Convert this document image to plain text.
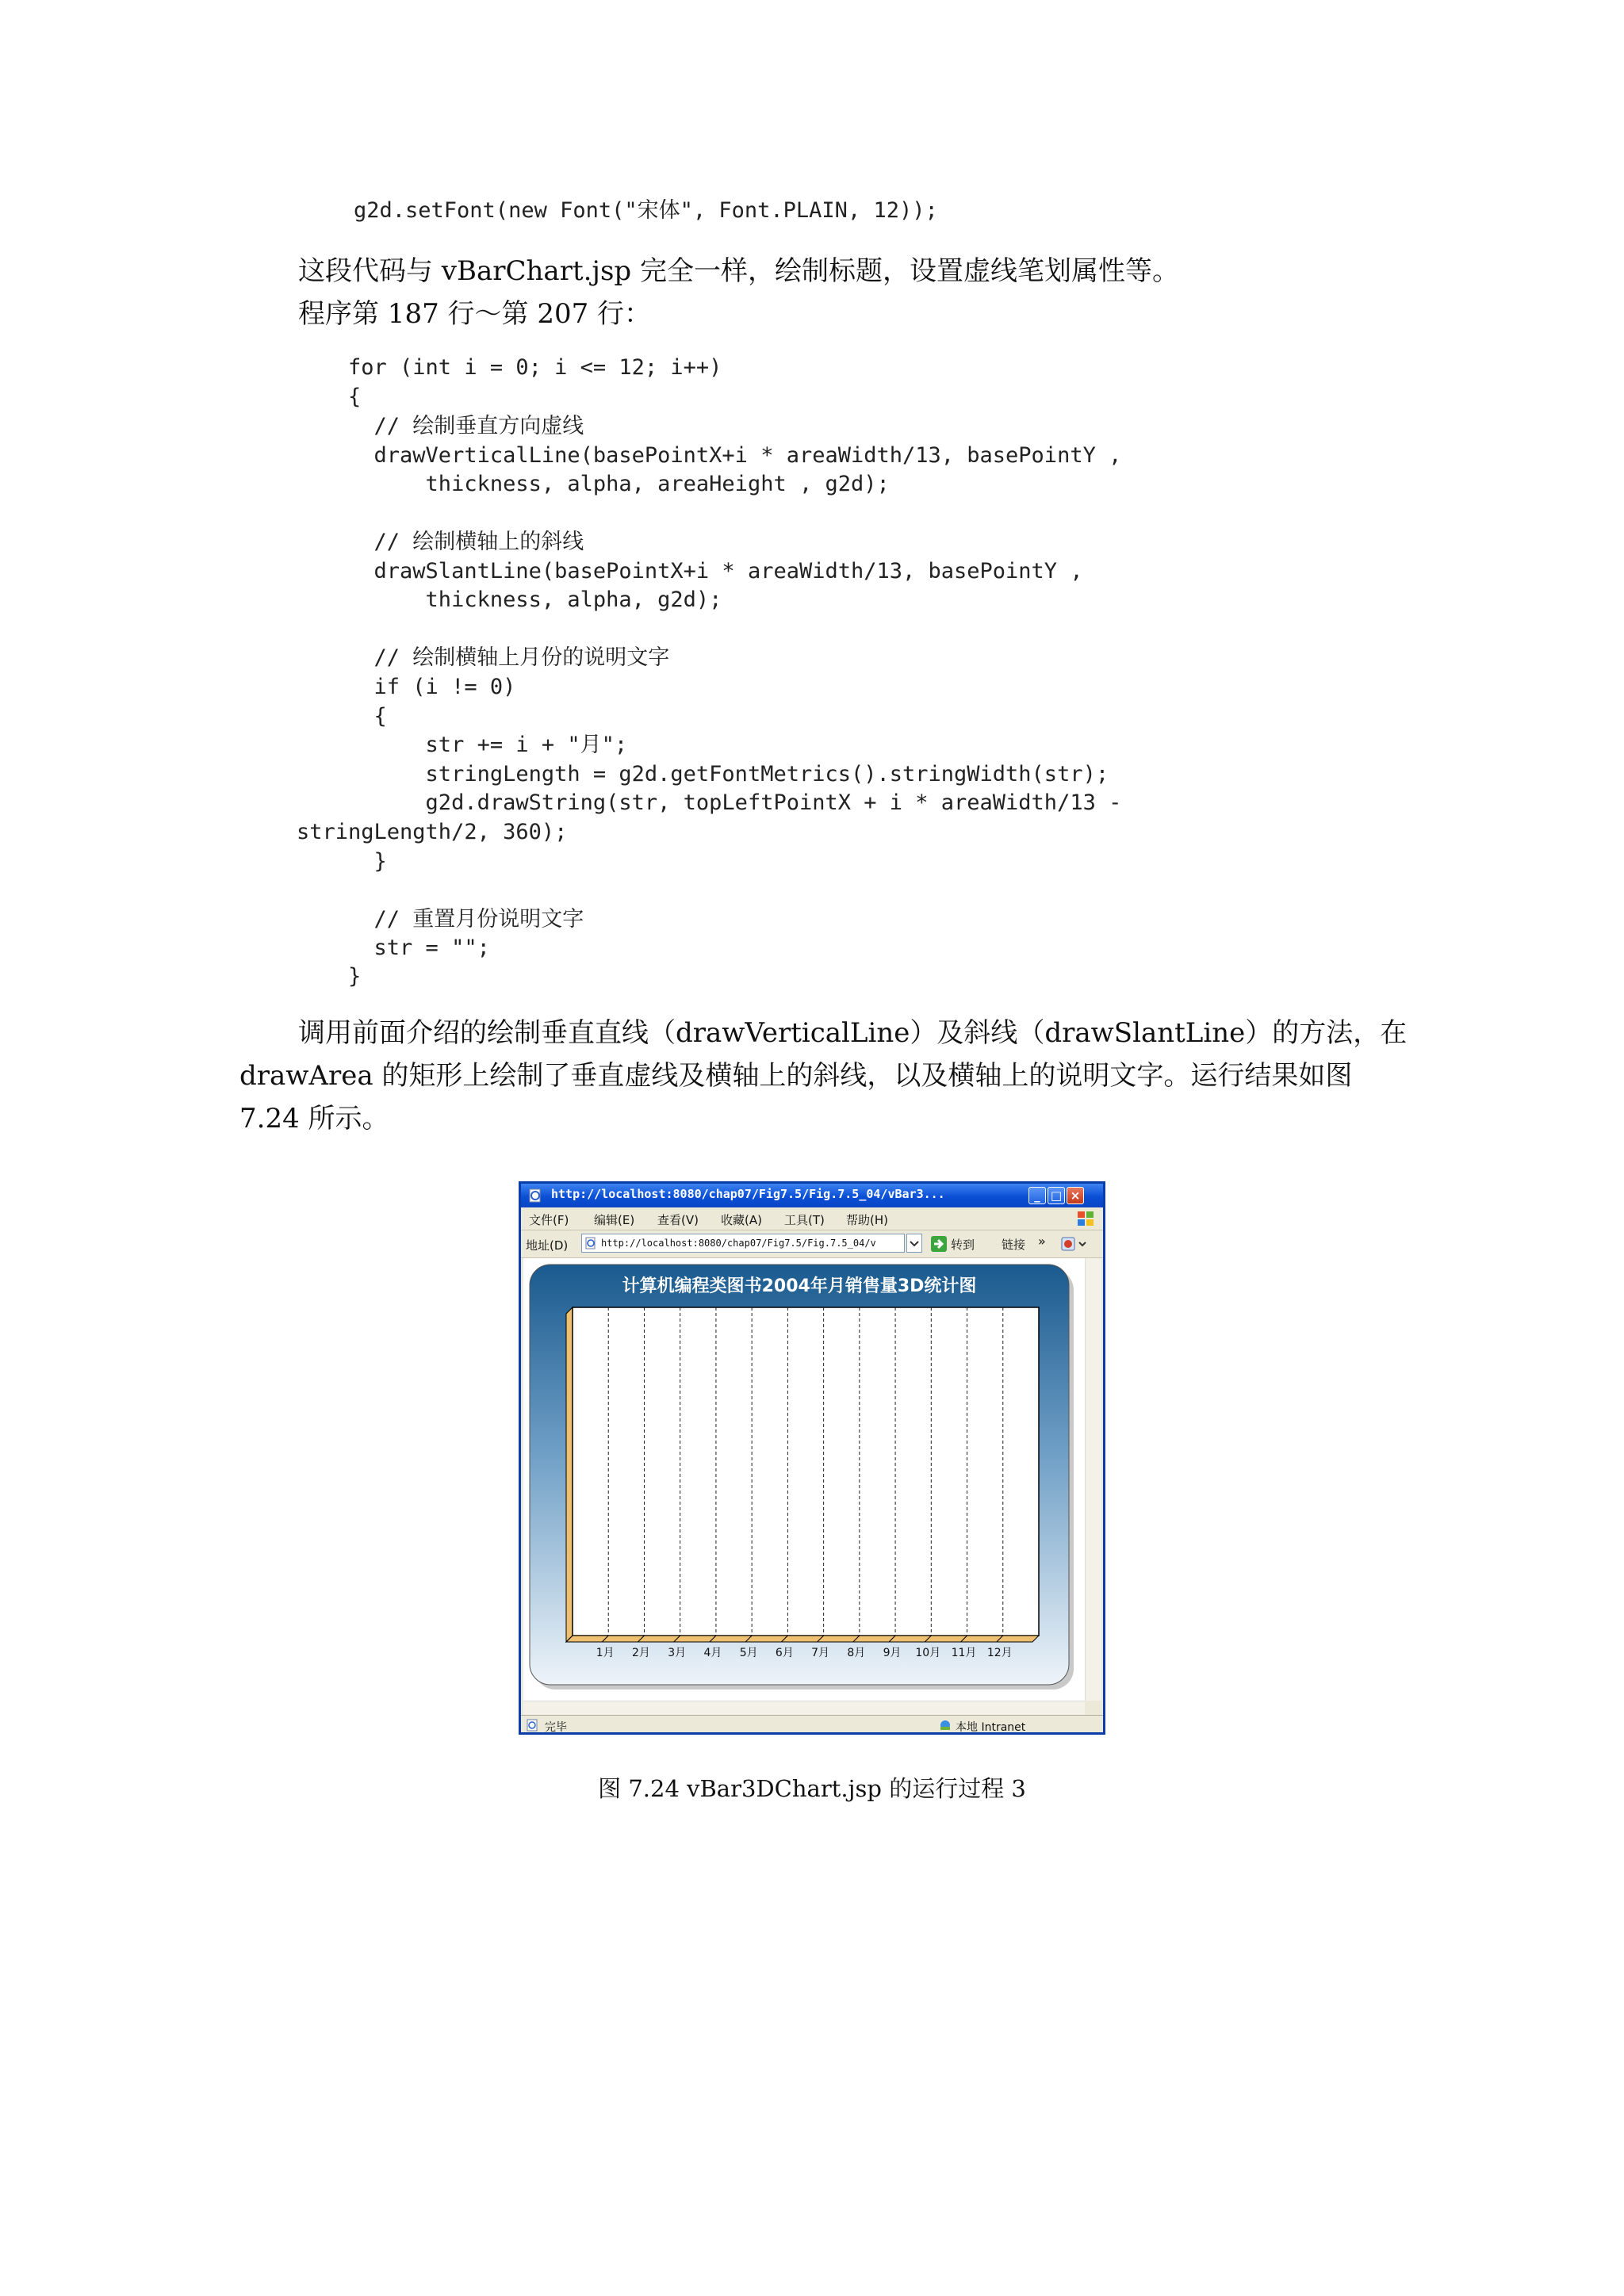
g2d.setFont(new Font("宋体", Font.PLAIN, 12));
这段代码与 vBarChart.jsp 完全一样，绘制标题，设置虚线笔划属性等。
程序第 187 行～第 207 行：
for (int i = 0; i <= 12; i++)
{
// 绘制垂直方向虚线
drawVerticalLine(basePointX+i * areaWidth/13, basePointY ,
thickness, alpha, areaHeight , g2d);
// 绘制横轴上的斜线
drawSlantLine(basePointX+i * areaWidth/13, basePointY ,
thickness, alpha, g2d);
// 绘制横轴上月份的说明文字
if (i != 0)
{
str += i + "月";
stringLength = g2d.getFontMetrics().stringWidth(str);
g2d.drawString(str, topLeftPointX + i * areaWidth/13 -
stringLength/2, 360);
}
// 重置月份说明文字
str = "";
}
调用前面介绍的绘制垂直直线（drawVerticalLine）及斜线（drawSlantLine）的方法，在
drawArea 的矩形上绘制了垂直虚线及横轴上的斜线，以及横轴上的说明文字。运行结果如图
7.24 所示。
http://localhost:8080/chap07/Fig7.5/Fig.7.5_04/vBar3...	_ □ ×
文件(F) 编辑(E) 查看(V) 收藏(A) 工具(T) 帮助(H)
地址(D)	http://localhost:8080/chap07/Fig7.5/Fig.7.5_04/v	转到 链接 »
计算机编程类图书2004年月销售量3D统计图
1月 2月 3月 4月 5月 6月 7月 8月 9月 10月 11月 12月
完毕	本地 Intranet
图 7.24 vBar3DChart.jsp 的运行过程 3
